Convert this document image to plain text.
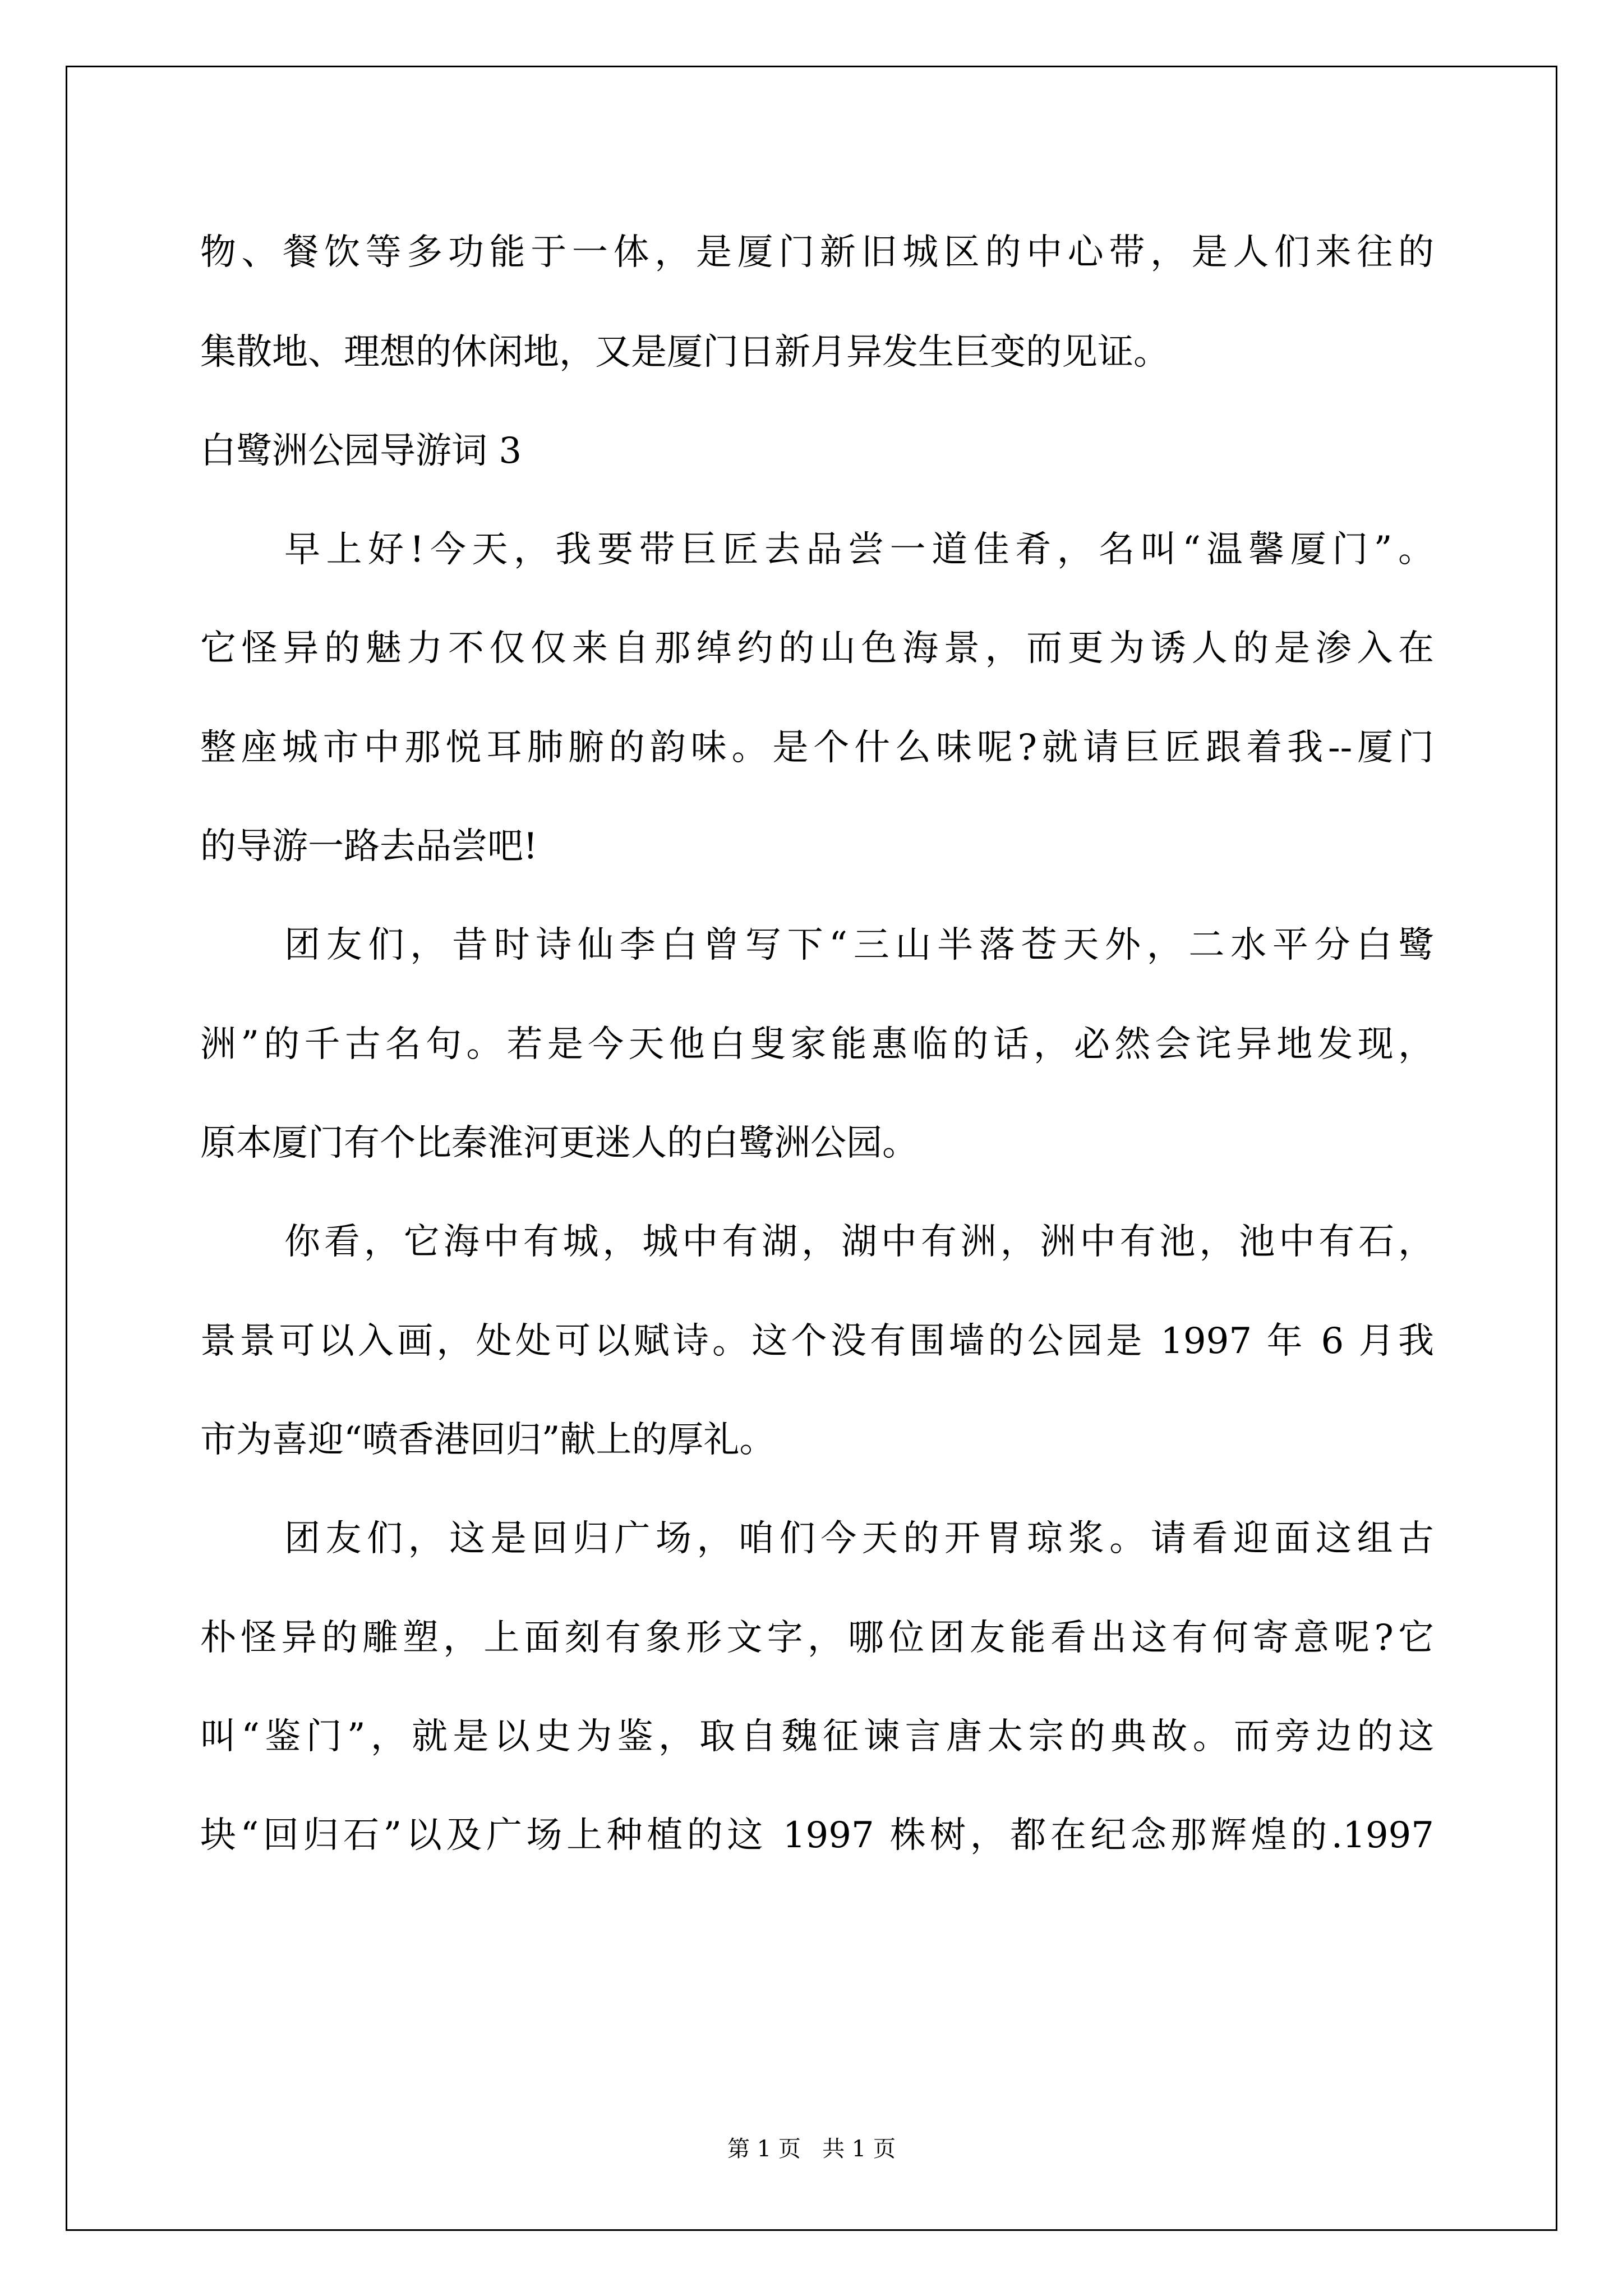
物、餐饮等多功能于一体，是厦门新旧城区的中心带，是人们来往的
集散地、理想的休闲地，又是厦门日新月异发生巨变的见证。
白鹭洲公园导游词 3
早上好!今天，我要带巨匠去品尝一道佳肴，名叫“温馨厦门”。
它怪异的魅力不仅仅来自那绰约的山色海景，而更为诱人的是渗入在
整座城市中那悦耳肺腑的韵味。是个什么味呢?就请巨匠跟着我--厦门
的导游一路去品尝吧!
团友们，昔时诗仙李白曾写下“三山半落苍天外，二水平分白鹭
洲”的千古名句。若是今天他白叟家能惠临的话，必然会诧异地发现，
原本厦门有个比秦淮河更迷人的白鹭洲公园。
你看，它海中有城，城中有湖，湖中有洲，洲中有池，池中有石，
景景可以入画，处处可以赋诗。这个没有围墙的公园是 1997 年 6 月我
市为喜迎“喷香港回归”献上的厚礼。
团友们，这是回归广场，咱们今天的开胃琼浆。请看迎面这组古
朴怪异的雕塑，上面刻有象形文字，哪位团友能看出这有何寄意呢?它
叫“鉴门”，就是以史为鉴，取自魏征谏言唐太宗的典故。而旁边的这
块“回归石”以及广场上种植的这 1997 株树，都在纪念那辉煌的.1997
第 1 页   共 1 页
